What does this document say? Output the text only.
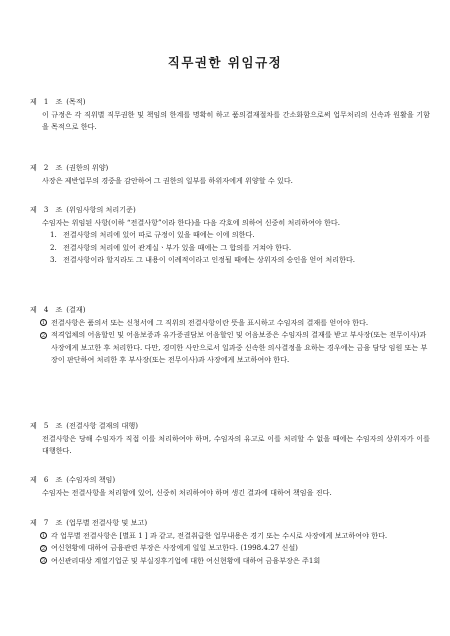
직무권한 위임규정
제 1 조 (목적)
이 규정은 각 직위별 직무권한 및 책임의 한계를 명확히 하고 품의결재절차를 간소화함으로써 업무처리의 신속과 원활을 기함을 목적으로 한다.
제 2 조 (권한의 위양)
사장은 제반업무의 경중을 감안하여 그 권한의 일부를 하위자에게 위양할 수 있다.
제 3 조 (위임사항의 처리기준)
수임자는 위임된 사항(이하 “전결사항”이라 한다)을 다음 각호에 의하여 신중히 처리하여야 한다.
1. 전결사항의 처리에 있어 따로 규정이 있을 때에는 이에 의한다.
2. 전결사항의 처리에 있어 관계실ㆍ부가 있을 때에는 그 합의를 거쳐야 한다.
3. 전결사항이라 할지라도 그 내용이 이례적이라고 인정될 때에는 상위자의 승인을 얻어 처리한다.
제 4 조 (결재)
1 전결사항은 품의서 또는 신청서에 그 직위의 전결사항이란 뜻을 표시하고 수임자의 결재를 얻어야 한다.
2 적격업체의 어음할인 및 어음보증과 유가증권담보 어음할인 및 어음보증은 수임자의 결재를 받고 부사장(또는 전무이사)과 사장에게 보고한 후 처리한다. 다만, 경미한 사안으로서 일과중 신속한 의사결정을 요하는 경우에는 금융 담당 임원 또는 부장이 판단하여 처리한 후 부사장(또는 전무이사)과 사장에게 보고하여야 한다.
제 5 조 (전결사항 결재의 대행)
전결사항은 당해 수임자가 직접 이를 처리하여야 하며, 수임자의 유고로 이를 처리할 수 없을 때에는 수임자의 상위자가 이를 대행한다.
제 6 조 (수임자의 책임)
수임자는 전결사항을 처리함에 있어, 신중히 처리하여야 하며 생긴 결과에 대하여 책임을 진다.
제 7 조 (업무별 전결사항 및 보고)
1 각 업무별 전결사항은 [별표 1 ] 과 같고, 전결취급한 업무내용은 경기 또는 수시로 사장에게 보고하여야 한다.
2 여신현황에 대하여 금융관련 부장은 사장에게 일일 보고한다. (1998.4.27 신설)
3 여신관리대상 계열기업군 및 부실징후기업에 대한 여신현황에 대하여 금융부장은 주1회
